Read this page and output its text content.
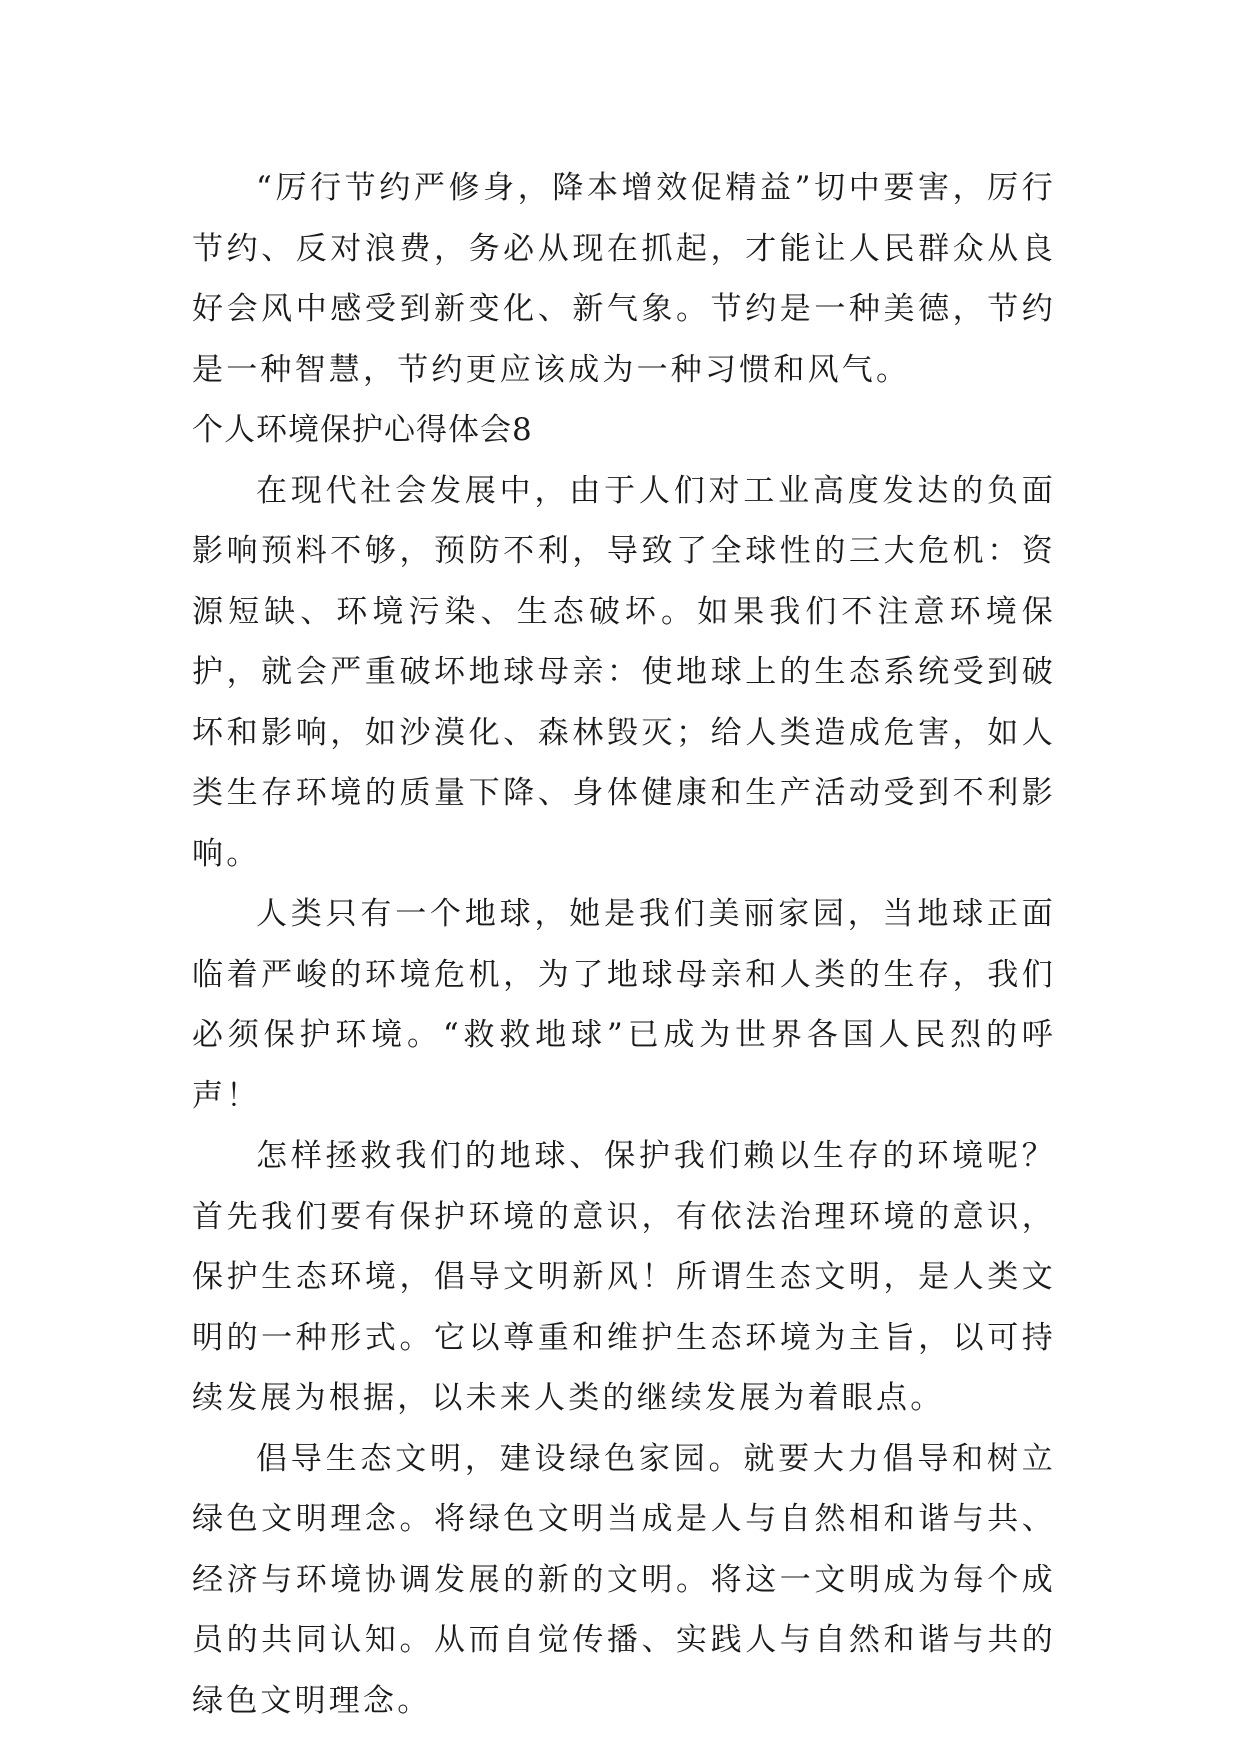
“厉行节约严修身，降本增效促精益”切中要害，厉行节约、反对浪费，务必从现在抓起，才能让人民群众从良好会风中感受到新变化、新气象。节约是一种美德，节约是一种智慧，节约更应该成为一种习惯和风气。

个人环境保护心得体会8

在现代社会发展中，由于人们对工业高度发达的负面影响预料不够，预防不利，导致了全球性的三大危机：资源短缺、环境污染、生态破坏。如果我们不注意环境保护，就会严重破坏地球母亲：使地球上的生态系统受到破坏和影响，如沙漠化、森林毁灭；给人类造成危害，如人类生存环境的质量下降、身体健康和生产活动受到不利影响。

人类只有一个地球，她是我们美丽家园，当地球正面临着严峻的环境危机，为了地球母亲和人类的生存，我们必须保护环境。“救救地球”已成为世界各国人民烈的呼声！

怎样拯救我们的地球、保护我们赖以生存的环境呢？首先我们要有保护环境的意识，有依法治理环境的意识，保护生态环境，倡导文明新风！所谓生态文明，是人类文明的一种形式。它以尊重和维护生态环境为主旨，以可持续发展为根据，以未来人类的继续发展为着眼点。

倡导生态文明，建设绿色家园。就要大力倡导和树立绿色文明理念。将绿色文明当成是人与自然相和谐与共、经济与环境协调发展的新的文明。将这一文明成为每个成员的共同认知。从而自觉传播、实践人与自然和谐与共的绿色文明理念。
